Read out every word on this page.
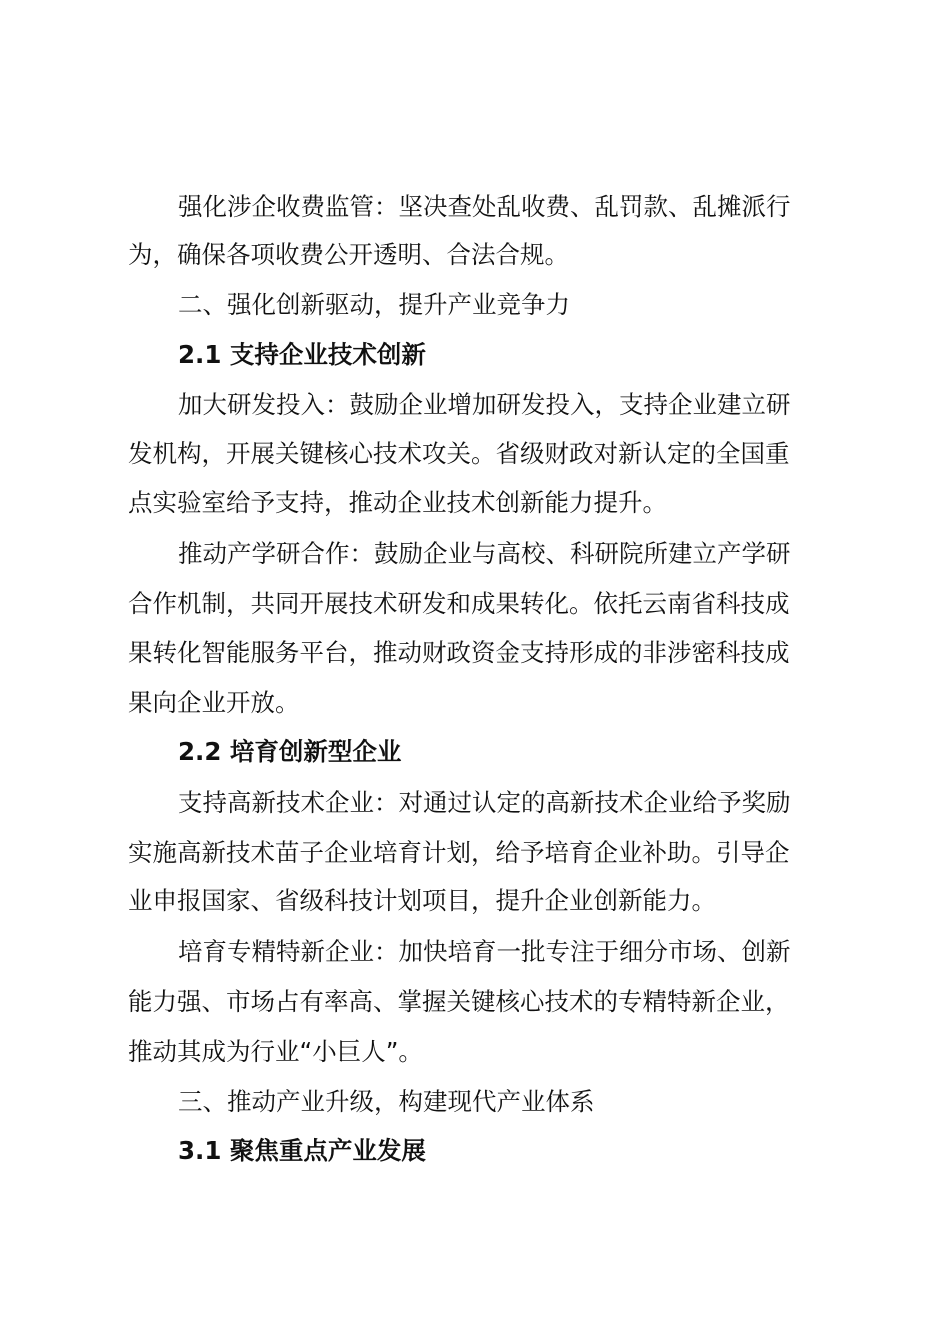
强化涉企收费监管：坚决查处乱收费、乱罚款、乱摊派行

为，确保各项收费公开透明、合法合规。

二、强化创新驱动，提升产业竞争力

2.1 支持企业技术创新

加大研发投入：鼓励企业增加研发投入，支持企业建立研

发机构，开展关键核心技术攻关。省级财政对新认定的全国重

点实验室给予支持，推动企业技术创新能力提升。

推动产学研合作：鼓励企业与高校、科研院所建立产学研

合作机制，共同开展技术研发和成果转化。依托云南省科技成

果转化智能服务平台，推动财政资金支持形成的非涉密科技成

果向企业开放。

2.2 培育创新型企业

支持高新技术企业：对通过认定的高新技术企业给予奖励

实施高新技术苗子企业培育计划，给予培育企业补助。引导企

业申报国家、省级科技计划项目，提升企业创新能力。

培育专精特新企业：加快培育一批专注于细分市场、创新

能力强、市场占有率高、掌握关键核心技术的专精特新企业，

推动其成为行业“小巨人”。

三、推动产业升级，构建现代产业体系

3.1 聚焦重点产业发展
